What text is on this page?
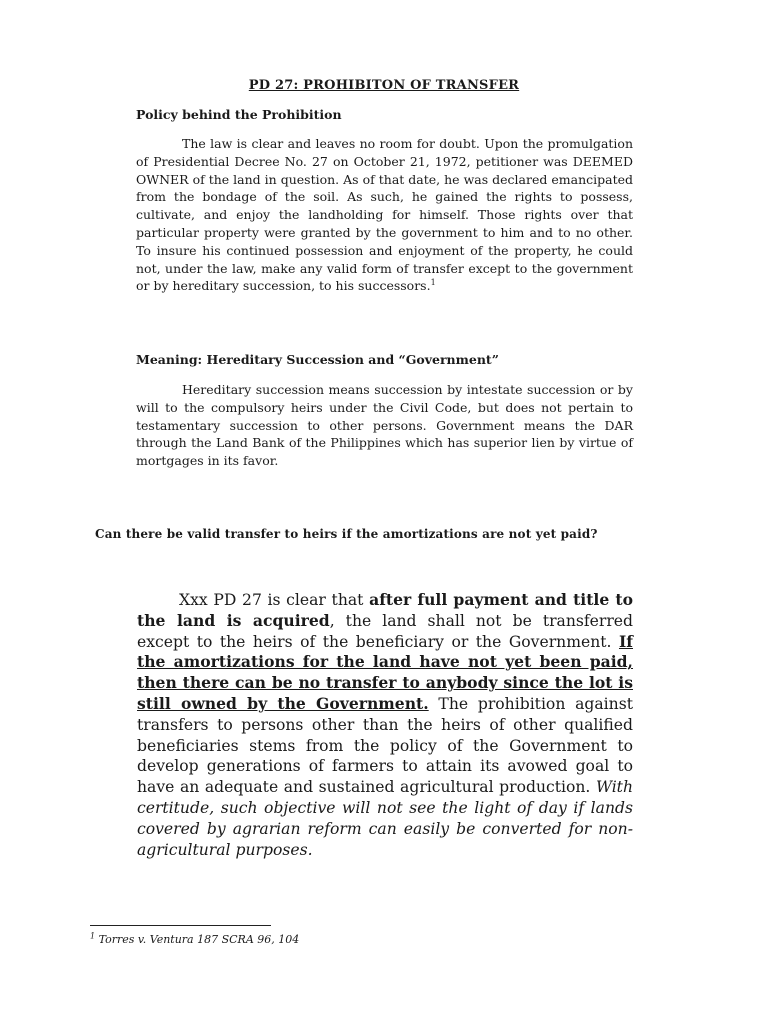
PD 27: PROHIBITON OF TRANSFER
Policy behind the Prohibition
The law is clear and leaves no room for doubt. Upon the promulgation of Presidential Decree No. 27 on October 21, 1972, petitioner was DEEMED OWNER of the land in question. As of that date, he was declared emancipated from the bondage of the soil. As such, he gained the rights to possess, cultivate, and enjoy the landholding for himself. Those rights over that particular property were granted by the government to him and to no other. To insure his continued possession and enjoyment of the property, he could not, under the law, make any valid form of transfer except to the government or by hereditary succession, to his successors.$^1$
Meaning: Hereditary Succession and “Government”
Hereditary succession means succession by intestate succession or by will to the compulsory heirs under the Civil Code, but does not pertain to testamentary succession to other persons. Government means the DAR through the Land Bank of the Philippines which has superior lien by virtue of mortgages in its favor.
Can there be valid transfer to heirs if the amortizations are not yet paid?
Xxx PD 27 is clear that after full payment and title to the land is acquired, the land shall not be transferred except to the heirs of the beneficiary or the Government. If the amortizations for the land have not yet been paid, then there can be no transfer to anybody since the lot is still owned by the Government. The prohibition against transfers to persons other than the heirs of other qualified beneficiaries stems from the policy of the Government to develop generations of farmers to attain its avowed goal to have an adequate and sustained agricultural production. With certitude, such objective will not see the light of day if lands covered by agrarian reform can easily be converted for non-agricultural purposes.
$^1$ Torres v. Ventura 187 SCRA 96, 104
